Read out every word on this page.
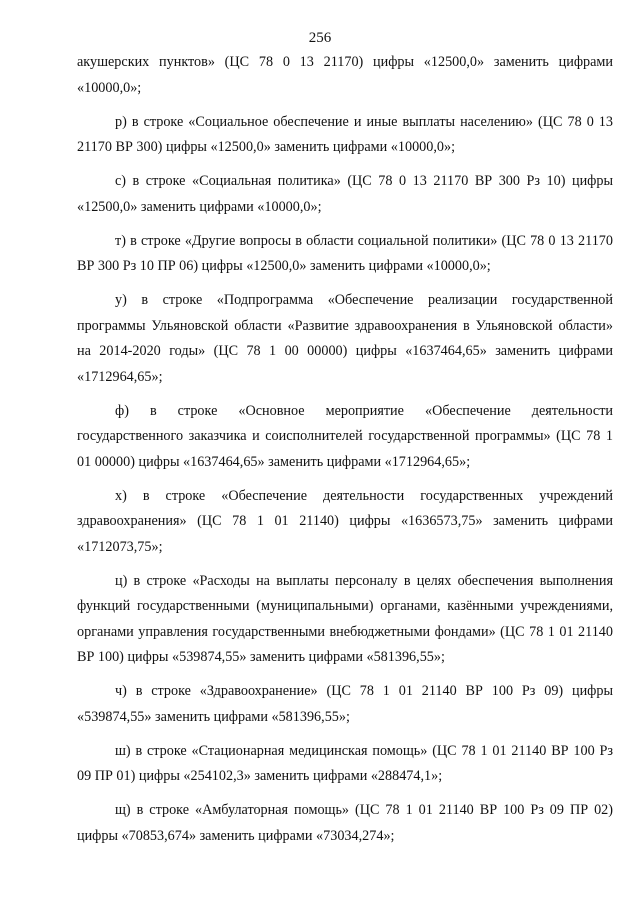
256

акушерских пунктов» (ЦС 78 0 13 21170) цифры «12500,0» заменить цифрами «10000,0»;

р) в строке «Социальное обеспечение и иные выплаты населению» (ЦС 78 0 13 21170 ВР 300) цифры «12500,0» заменить цифрами «10000,0»;

с) в строке «Социальная политика» (ЦС 78 0 13 21170 ВР 300 Рз 10) цифры «12500,0» заменить цифрами «10000,0»;

т) в строке «Другие вопросы в области социальной политики» (ЦС 78 0 13 21170 ВР 300 Рз 10 ПР 06) цифры «12500,0» заменить цифрами «10000,0»;

у) в строке «Подпрограмма «Обеспечение реализации государственной программы Ульяновской области «Развитие здравоохранения в Ульяновской области» на 2014-2020 годы» (ЦС 78 1 00 00000) цифры «1637464,65» заменить цифрами «1712964,65»;

ф) в строке «Основное мероприятие «Обеспечение деятельности государственного заказчика и соисполнителей государственной программы» (ЦС 78 1 01 00000) цифры «1637464,65» заменить цифрами «1712964,65»;

х) в строке «Обеспечение деятельности государственных учреждений здравоохранения» (ЦС 78 1 01 21140) цифры «1636573,75» заменить цифрами «1712073,75»;

ц) в строке «Расходы на выплаты персоналу в целях обеспечения выполнения функций государственными (муниципальными) органами, казёнными учреждениями, органами управления государственными внебюджетными фондами» (ЦС 78 1 01 21140 ВР 100) цифры «539874,55» заменить цифрами «581396,55»;

ч) в строке «Здравоохранение» (ЦС 78 1 01 21140 ВР 100 Рз 09) цифры «539874,55» заменить цифрами «581396,55»;

ш) в строке «Стационарная медицинская помощь» (ЦС 78 1 01 21140 ВР 100 Рз 09 ПР 01) цифры «254102,3» заменить цифрами «288474,1»;

щ) в строке «Амбулаторная помощь» (ЦС 78 1 01 21140 ВР 100 Рз 09 ПР 02) цифры «70853,674» заменить цифрами «73034,274»;
